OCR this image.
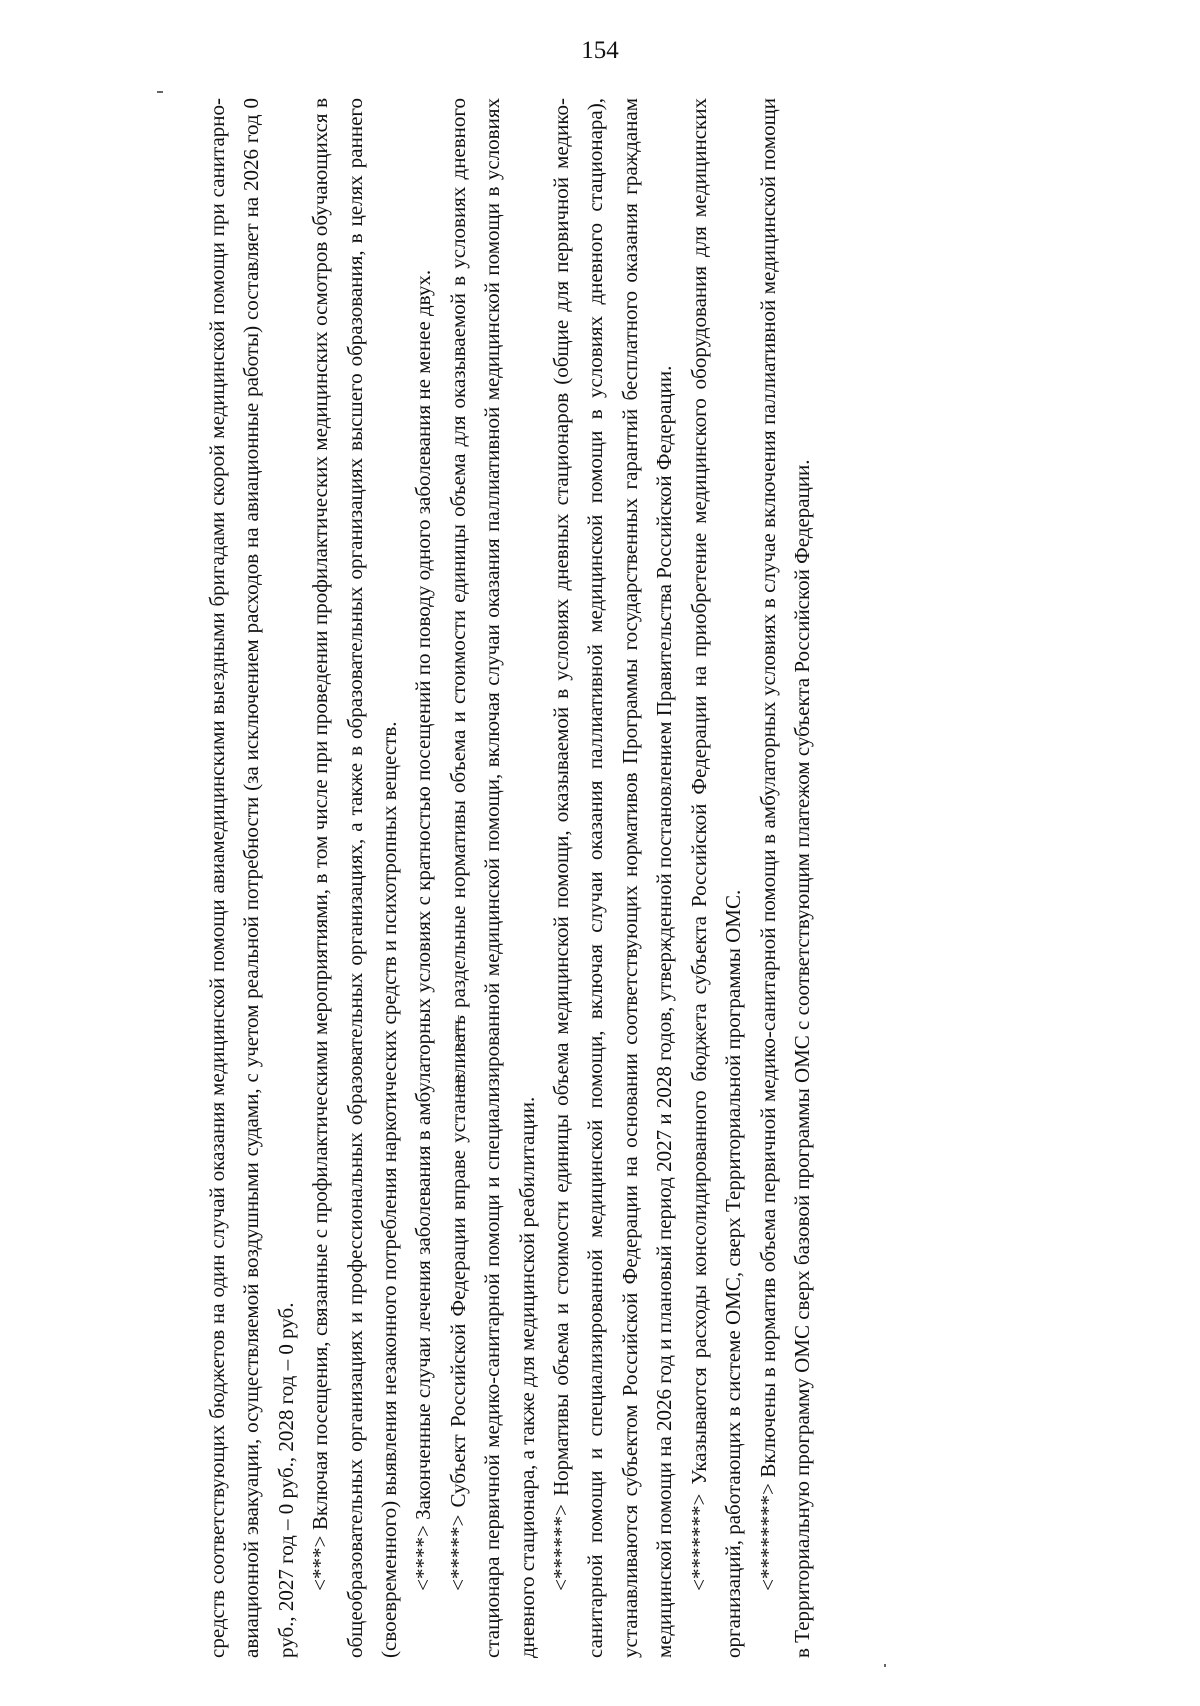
154

средств соответствующих бюджетов на один случай оказания медицинской помощи авиамедицинскими выездными бригадами скорой медицинской помощи при санитарно-авиационной эвакуации, осуществляемой воздушными судами, с учетом реальной потребности (за исключением расходов на авиационные работы) составляет на 2026 год 0 руб., 2027 год – 0 руб., 2028 год – 0 руб. <***> Включая посещения, связанные с профилактическими мероприятиями, в том числе при проведении профилактических медицинских осмотров обучающихся в общеобразовательных организациях и профессиональных образовательных организациях, а также в образовательных организациях высшего образования, в целях раннего (своевременного) выявления незаконного потребления наркотических средств и психотропных веществ. <****> Законченные случаи лечения заболевания в амбулаторных условиях с кратностью посещений по поводу одного заболевания не менее двух. <*****> Субъект Российской Федерации вправе устанавливать раздельные нормативы объема и стоимости единицы объема для оказываемой в условиях дневного стационара первичной медико-санитарной помощи и специализированной медицинской помощи, включая случаи оказания паллиативной медицинской помощи в условиях дневного стационара, а также для медицинской реабилитации. <******> Нормативы объема и стоимости единицы объема медицинской помощи, оказываемой в условиях дневных стационаров (общие для первичной медико-санитарной помощи и специализированной медицинской помощи, включая случаи оказания паллиативной медицинской помощи в условиях дневного стационара), устанавливаются субъектом Российской Федерации на основании соответствующих нормативов Программы государственных гарантий бесплатного оказания гражданам медицинской помощи на 2026 год и плановый период 2027 и 2028 годов, утвержденной постановлением Правительства Российской Федерации. <*******> Указываются расходы консолидированного бюджета субъекта Российской Федерации на приобретение медицинского оборудования для медицинских организаций, работающих в системе ОМС, сверх Территориальной программы ОМС. <********> Включены в норматив объема первичной медико-санитарной помощи в амбулаторных условиях в случае включения паллиативной медицинской помощи в Территориальную программу ОМС сверх базовой программы ОМС с соответствующим платежом субъекта Российской Федерации.
